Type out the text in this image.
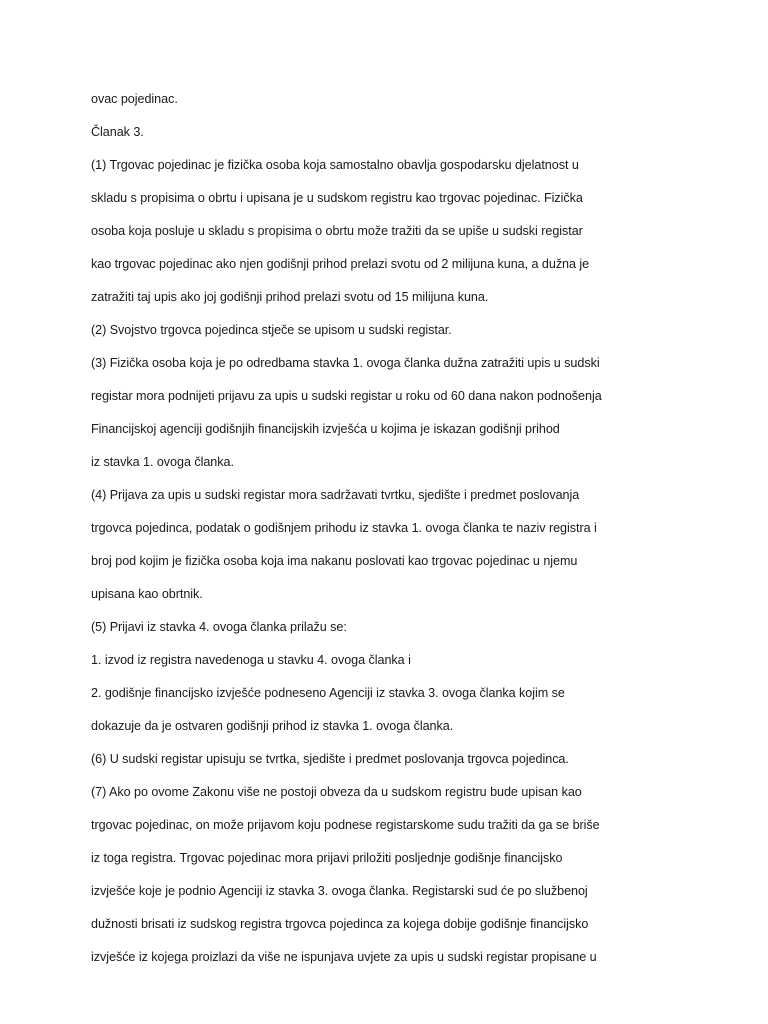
ovac pojedinac.
Članak 3.
(1) Trgovac pojedinac je fizička osoba koja samostalno obavlja gospodarsku djelatnost u
skladu s propisima o obrtu i upisana je u sudskom registru kao trgovac pojedinac. Fizička
osoba koja posluje u skladu s propisima o obrtu može tražiti da se upiše u sudski registar
kao trgovac pojedinac ako njen godišnji prihod prelazi svotu od 2 milijuna kuna, a dužna je
zatražiti taj upis ako joj godišnji prihod prelazi svotu od 15 milijuna kuna.
(2) Svojstvo trgovca pojedinca stječe se upisom u sudski registar.
(3) Fizička osoba koja je po odredbama stavka 1. ovoga članka dužna zatražiti upis u sudski
registar mora podnijeti prijavu za upis u sudski registar u roku od 60 dana nakon podnošenja
Financijskoj agenciji godišnjih financijskih izvješća u kojima je iskazan godišnji prihod
iz stavka 1. ovoga članka.
(4) Prijava za upis u sudski registar mora sadržavati tvrtku, sjedište i predmet poslovanja
trgovca pojedinca, podatak o godišnjem prihodu iz stavka 1. ovoga članka te naziv registra i
broj pod kojim je fizička osoba koja ima nakanu poslovati kao trgovac pojedinac u njemu
upisana kao obrtnik.
(5) Prijavi iz stavka 4. ovoga članka prilažu se:
1. izvod iz registra navedenoga u stavku 4. ovoga članka i
2. godišnje financijsko izvješće podneseno Agenciji iz stavka 3. ovoga članka kojim se
dokazuje da je ostvaren godišnji prihod iz stavka 1. ovoga članka.
(6) U sudski registar upisuju se tvrtka, sjedište i predmet poslovanja trgovca pojedinca.
(7) Ako po ovome Zakonu više ne postoji obveza da u sudskom registru bude upisan kao
trgovac pojedinac, on može prijavom koju podnese registarskome sudu tražiti da ga se briše
iz toga registra. Trgovac pojedinac mora prijavi priložiti posljednje godišnje financijsko
izvješće koje je podnio Agenciji iz stavka 3. ovoga članka. Registarski sud će po službenoj
dužnosti brisati iz sudskog registra trgovca pojedinca za kojega dobije godišnje financijsko
izvješće iz kojega proizlazi da više ne ispunjava uvjete za upis u sudski registar propisane u
